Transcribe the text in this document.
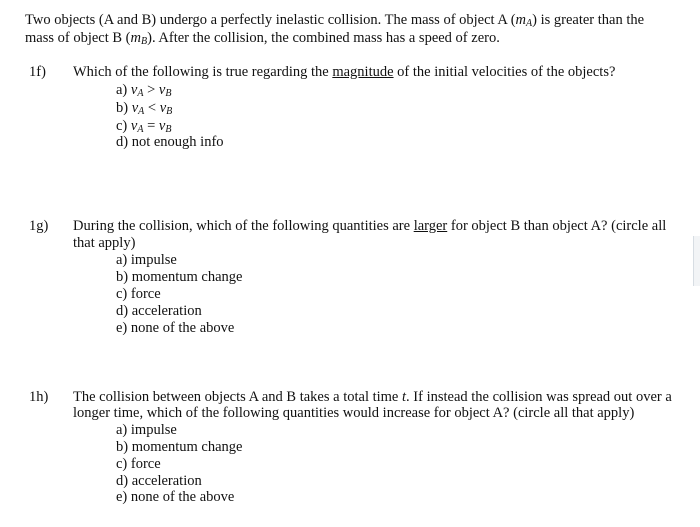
Two objects (A and B) undergo a perfectly inelastic collision. The mass of object A $(m_A)$ is greater than the
mass of object B $(m_B)$. After the collision, the combined mass has a speed of zero.
1f) Which of the following is true regarding the magnitude of the initial velocities of the objects?
a) $v_A > v_B$
b) $v_A < v_B$
c) $v_A = v_B$
d) not enough info
1g) During the collision, which of the following quantities are larger for object B than object A? (circle all
that apply)
a) impulse
b) momentum change
c) force
d) acceleration
e) none of the above
1h) The collision between objects A and B takes a total time t. If instead the collision was spread out over a
longer time, which of the following quantities would increase for object A? (circle all that apply)
a) impulse
b) momentum change
c) force
d) acceleration
e) none of the above
